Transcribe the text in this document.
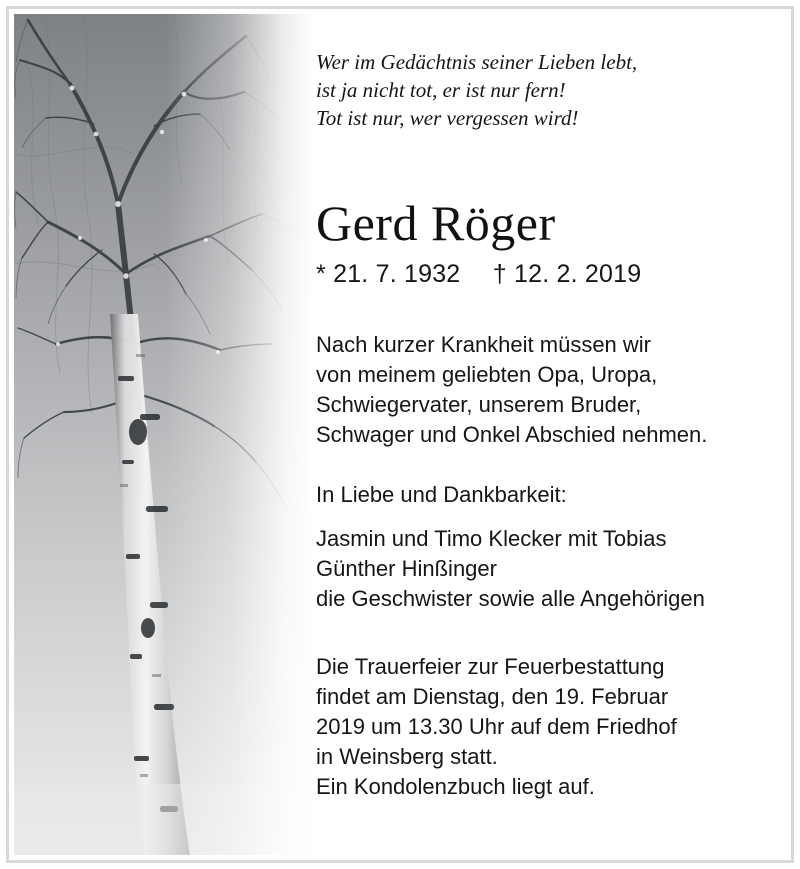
Wer im Gedächtnis seiner Lieben lebt,
ist ja nicht tot, er ist nur fern!
Tot ist nur, wer vergessen wird!
Gerd Röger
* 21. 7. 1932 † 12. 2. 2019
Nach kurzer Krankheit müssen wir
von meinem geliebten Opa, Uropa,
Schwiegervater, unserem Bruder,
Schwager und Onkel Abschied nehmen.
In Liebe und Dankbarkeit:
Jasmin und Timo Klecker mit Tobias
Günther Hinßinger
die Geschwister sowie alle Angehörigen
Die Trauerfeier zur Feuerbestattung
findet am Dienstag, den 19. Februar
2019 um 13.30 Uhr auf dem Friedhof
in Weinsberg statt.
Ein Kondolenzbuch liegt auf.
